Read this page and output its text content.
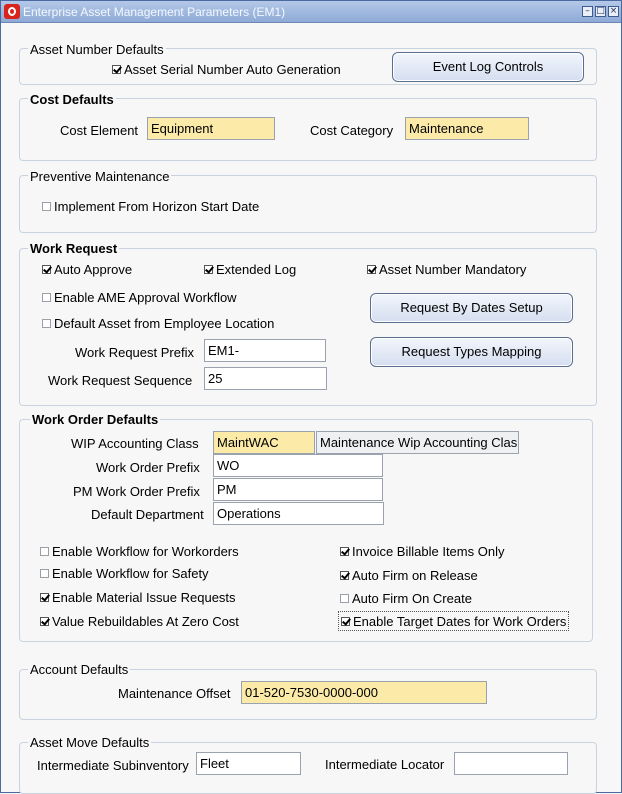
Enterprise Asset Management Parameters (EM1)	– □ ×
Asset Number Defaults
Asset Serial Number Auto Generation	Event Log Controls
Cost Defaults
Cost Element Equipment	Cost Category	Maintenance
Preventive Maintenance
Implement From Horizon Start Date
Work Request
Auto Approve	Extended Log	Asset Number Mandatory
Enable AME Approval Workflow
Default Asset from Employee Location
Request By Dates Setup
Work Request Prefix	EM1-
Work Request Sequence	25
Request Types Mapping
Work Order Defaults
WIP Accounting Class	MaintWAC	Maintenance Wip Accounting Clas
Work Order Prefix	WO
PM Work Order Prefix	PM
Default Department	Operations
Enable Workflow for Workorders
Enable Workflow for Safety
Enable Material Issue Requests
Value Rebuildables At Zero Cost
Invoice Billable Items Only
Auto Firm on Release
Auto Firm On Create
Enable Target Dates for Work Orders
Account Defaults
Maintenance Offset	01-520-7530-0000-000
Asset Move Defaults
Intermediate Subinventory Fleet	Intermediate Locator
